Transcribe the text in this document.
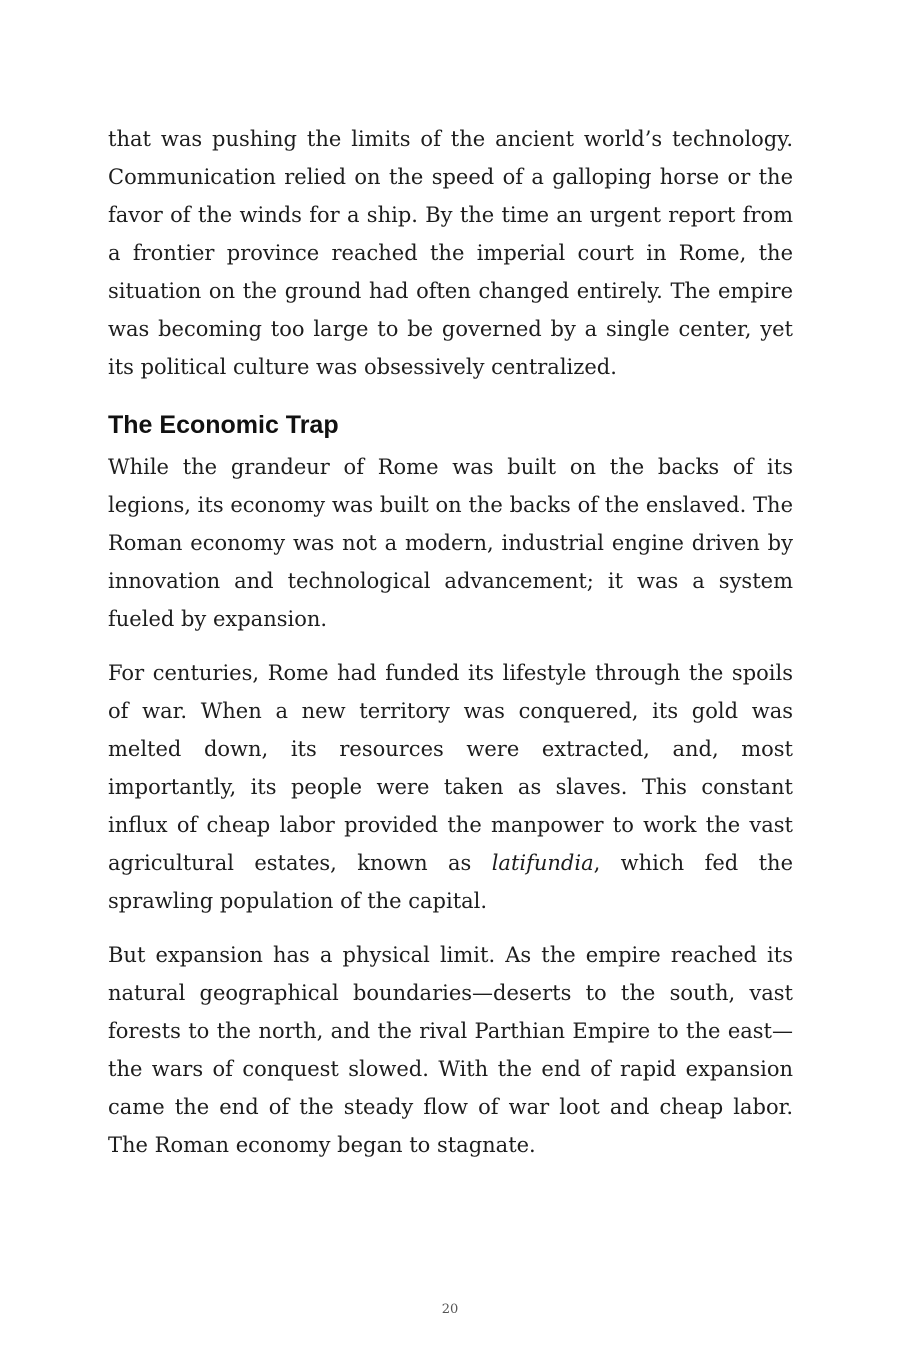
that was pushing the limits of the ancient world’s technology. Communication relied on the speed of a galloping horse or the favor of the winds for a ship. By the time an urgent report from a frontier province reached the imperial court in Rome, the situation on the ground had often changed entirely. The empire was becoming too large to be governed by a single center, yet its political culture was obsessively centralized.

The Economic Trap

While the grandeur of Rome was built on the backs of its legions, its economy was built on the backs of the enslaved. The Roman economy was not a modern, industrial engine driven by innovation and technological advancement; it was a system fueled by expansion.

For centuries, Rome had funded its lifestyle through the spoils of war. When a new territory was conquered, its gold was melted down, its resources were extracted, and, most importantly, its people were taken as slaves. This constant influx of cheap labor provided the manpower to work the vast agricultural estates, known as latifundia, which fed the sprawling population of the capital.

But expansion has a physical limit. As the empire reached its natural geographical boundaries—deserts to the south, vast forests to the north, and the rival Parthian Empire to the east—the wars of conquest slowed. With the end of rapid expansion came the end of the steady flow of war loot and cheap labor. The Roman economy began to stagnate.

20
